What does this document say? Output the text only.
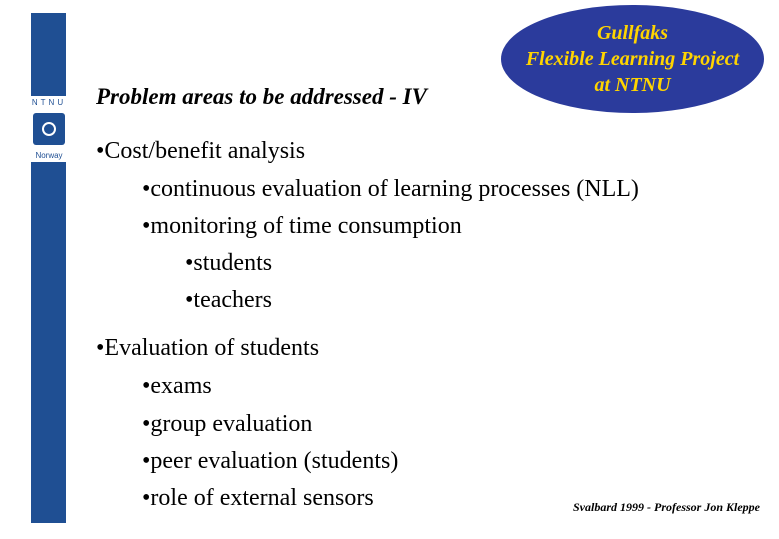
NTNU
Norway
Gullfaks
Flexible Learning Project
at NTNU
Problem areas to be addressed - IV
•Cost/benefit analysis
•continuous evaluation of learning processes (NLL)
•monitoring of time consumption
•students
•teachers
•Evaluation of students
•exams
•group evaluation
•peer evaluation (students)
•role of external sensors	Svalbard 1999 - Professor Jon Kleppe
